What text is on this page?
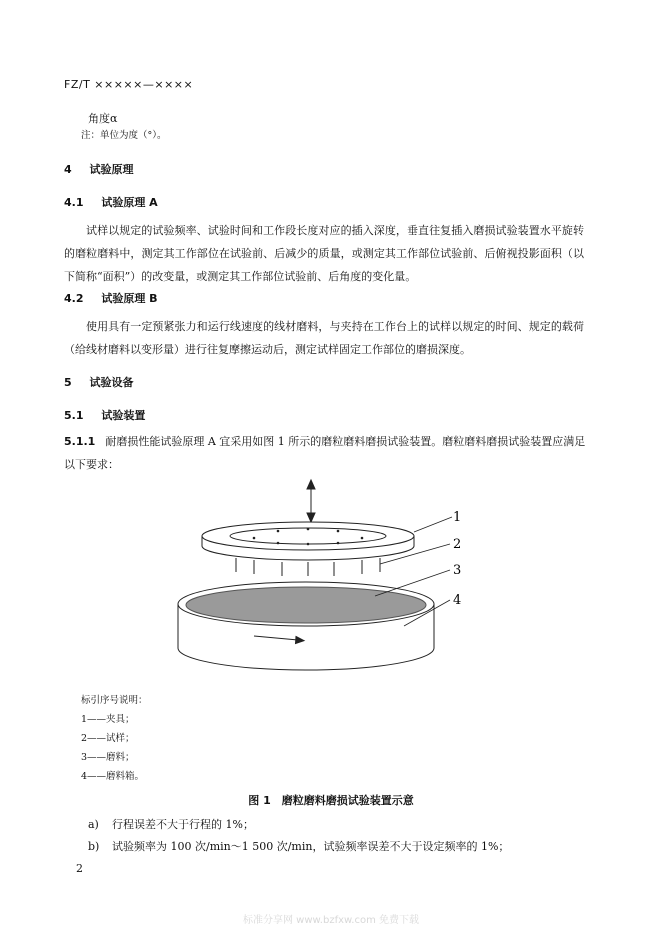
FZ/T ×××××—××××
角度α
注：单位为度（°）。
4 试验原理
4.1 试验原理 A
试样以规定的试验频率、试验时间和工作段长度对应的插入深度，垂直往复插入磨损试验装置水平旋转的磨粒磨料中，测定其工作部位在试验前、后减少的质量，或测定其工作部位试验前、后俯视投影面积（以下简称“面积”）的改变量，或测定其工作部位试验前、后角度的变化量。
4.2 试验原理 B
使用具有一定预紧张力和运行线速度的线材磨料，与夹持在工作台上的试样以规定的时间、规定的载荷（给线材磨料以变形量）进行往复摩擦运动后，测定试样固定工作部位的磨损深度。
5 试验设备
5.1 试验装置
5.1.1 耐磨损性能试验原理 A 宜采用如图 1 所示的磨粒磨料磨损试验装置。磨粒磨料磨损试验装置应满足以下要求：
1
2
3
4
标引序号说明：
1——夹具；
2——试样；
3——磨料；
4——磨料箱。
图 1　磨粒磨料磨损试验装置示意
a) 行程误差不大于行程的 1%；
b) 试验频率为 100 次/min～1 500 次/min，试验频率误差不大于设定频率的 1%；
2
标准分享网 www.bzfxw.com 免费下载
